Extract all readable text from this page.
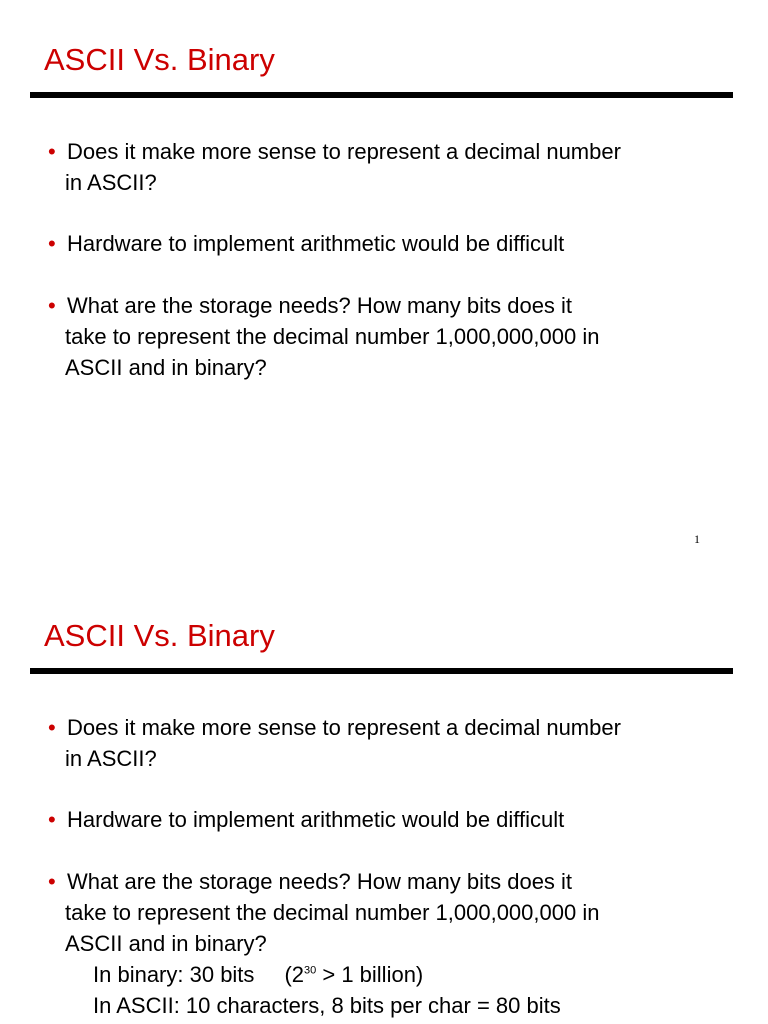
ASCII Vs. Binary
• Does it make more sense to represent a decimal number
in ASCII?
• Hardware to implement arithmetic would be difficult
• What are the storage needs? How many bits does it
take to represent the decimal number 1,000,000,000 in
ASCII and in binary?
1
ASCII Vs. Binary
• Does it make more sense to represent a decimal number
in ASCII?
• Hardware to implement arithmetic would be difficult
• What are the storage needs? How many bits does it
take to represent the decimal number 1,000,000,000 in
ASCII and in binary?
In binary: 30 bits ($2^{30} > 1$ billion)
In ASCII: 10 characters, 8 bits per char = 80 bits
